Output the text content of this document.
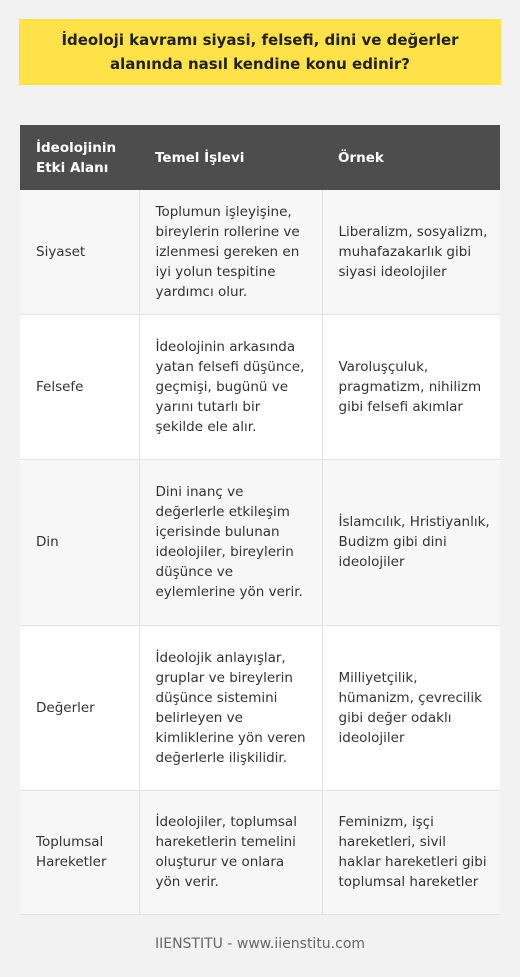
İdeoloji kavramı siyasi, felsefi, dini ve değerler alanında nasıl kendine konu edinir?
İdeolojinin Etki Alanı	Temel İşlevi	Örnek
Siyaset	Toplumun işleyişine, bireylerin rollerine ve izlenmesi gereken en iyi yolun tespitine yardımcı olur.	Liberalizm, sosyalizm, muhafazakarlık gibi siyasi ideolojiler
Felsefe	İdeolojinin arkasında yatan felsefi düşünce, geçmişi, bugünü ve yarını tutarlı bir şekilde ele alır.	Varoluşçuluk, pragmatizm, nihilizm gibi felsefi akımlar
Din	Dini inanç ve değerlerle etkileşim içerisinde bulunan ideolojiler, bireylerin düşünce ve eylemlerine yön verir.	İslamcılık, Hristiyanlık, Budizm gibi dini ideolojiler
Değerler	İdeolojik anlayışlar, gruplar ve bireylerin düşünce sistemini belirleyen ve kimliklerine yön veren değerlerle ilişkilidir.	Milliyetçilik, hümanizm, çevrecilik gibi değer odaklı ideolojiler
Toplumsal Hareketler	İdeolojiler, toplumsal hareketlerin temelini oluşturur ve onlara yön verir.	Feminizm, işçi hareketleri, sivil haklar hareketleri gibi toplumsal hareketler
IIENSTITU - www.iienstitu.com
